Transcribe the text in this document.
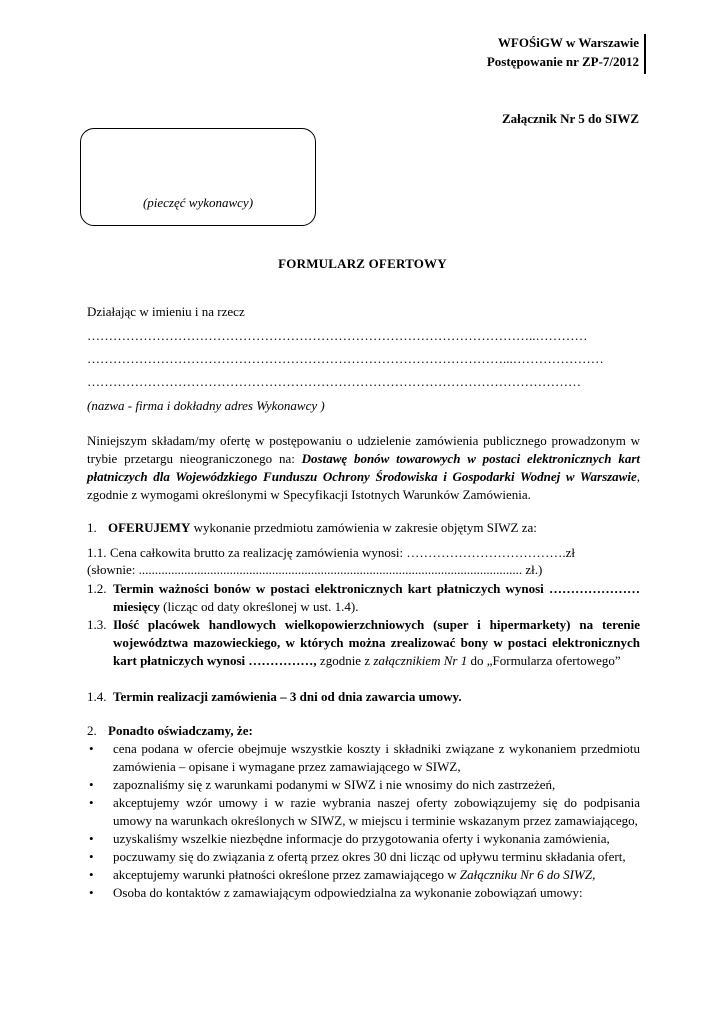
WFOŚiGW w Warszawie
Postępowanie nr ZP-7/2012
Załącznik Nr 5 do SIWZ
(pieczęć wykonawcy)
FORMULARZ OFERTOWY
Działając w imieniu i na rzecz
…………………………………………………………………………………………..…………
……………………………………………………………………………………...…………………
……………………………………………………………………………………………………
(nazwa - firma i dokładny adres Wykonawcy )
Niniejszym składam/my ofertę w postępowaniu o udzielenie zamówienia publicznego prowadzonym w trybie przetargu nieograniczonego na: Dostawę bonów towarowych w postaci elektronicznych kart płatniczych dla Wojewódzkiego Funduszu Ochrony Środowiska i Gospodarki Wodnej w Warszawie, zgodnie z wymogami określonymi w Specyfikacji Istotnych Warunków Zamówienia.
1. OFERUJEMY wykonanie przedmiotu zamówienia w zakresie objętym SIWZ za:
1.1. Cena całkowita brutto za realizację zamówienia wynosi: ……………………………….zł
(słownie: ...................................................................................................................... zł.)
1.2. Termin ważności bonów w postaci elektronicznych kart płatniczych wynosi ………………… miesięcy (licząc od daty określonej w ust. 1.4).
1.3. Ilość placówek handlowych wielkopowierzchniowych (super i hipermarkety) na terenie województwa mazowieckiego, w których można zrealizować bony w postaci elektronicznych kart płatniczych wynosi ……………, zgodnie z załącznikiem Nr 1 do „Formularza ofertowego”
1.4. Termin realizacji zamówienia – 3 dni od dnia zawarcia umowy.
2. Ponadto oświadczamy, że:
• cena podana w ofercie obejmuje wszystkie koszty i składniki związane z wykonaniem przedmiotu zamówienia – opisane i wymagane przez zamawiającego w SIWZ,
• zapoznaliśmy się z warunkami podanymi w SIWZ i nie wnosimy do nich zastrzeżeń,
• akceptujemy wzór umowy i w razie wybrania naszej oferty zobowiązujemy się do podpisania umowy na warunkach określonych w SIWZ, w miejscu i terminie wskazanym przez zamawiającego,
• uzyskaliśmy wszelkie niezbędne informacje do przygotowania oferty i wykonania zamówienia,
• poczuwamy się do związania z ofertą przez okres 30 dni licząc od upływu terminu składania ofert,
• akceptujemy warunki płatności określone przez zamawiającego w Załączniku Nr 6 do SIWZ,
• Osoba do kontaktów z zamawiającym odpowiedzialna za wykonanie zobowiązań umowy:
